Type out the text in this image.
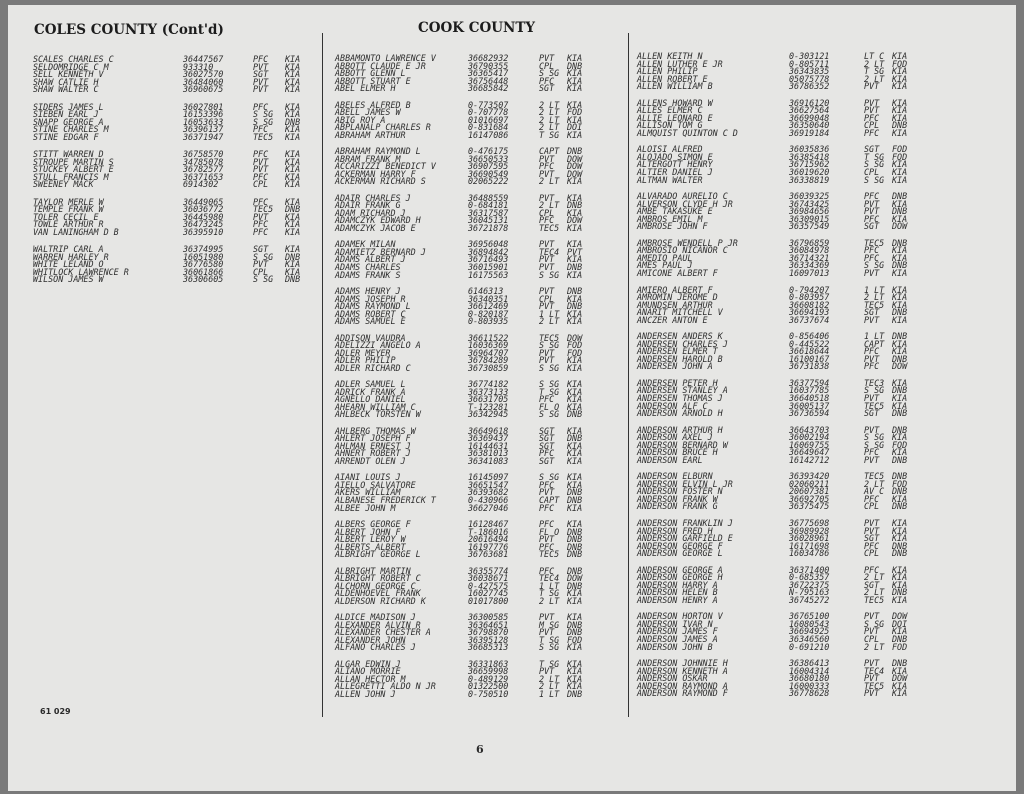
COLES COUNTY (Cont'd)	COOK COUNTY
SCALES CHARLES C	36447567	PFC KIA
SELDOMRIDGE C M	933310	PVT KIA
SELL KENNETH V	36027570	SGT KIA
SHAW CATLIE H	36484060	PVT KIA
SHAW WALTER C	36960675	PVT KIA
SIDERS JAMES L	36027801	PFC KIA
SIEBEN EARL J	16153396	S SG KIA
SNAPP GEORGE A	16053633	S SG DNB
STINE CHARLES M	36396137	PFC KIA
STINE EDGAR F	36371947	TEC5 KIA
STITT WARREN D	36758570	PFC KIA
STROUPE MARTIN S	34785078	PVT KIA
STUCKEY ALBERT E	36782577	PVT KIA
STULL FRANCIS M	36371653	PFC KIA
SWEENEY MACK	6914302	CPL KIA
TAYLOR MERLE W	36449065	PFC KIA
TEMPLE FRANK W	36036772	TEC5 DNB
TOLER CECIL E	36445980	PVT KIA
TOWLE ARTHUR R	36473245	PFC KIA
VAN LANINGHAM D B	36395910	PFC KIA
WALTRIP CARL A	36374995	SGT KIA
WARREN HARLEY R	16051980	S SG DNB
WHITE LELAND O	36776580	PVT KIA
WHITLOCK LAWRENCE R	36061866	CPL KIA
WILSON JAMES W	36306605	S SG DNB
ABBAMONTO LAWRENCE V	36682932	PVT KIA
ABBOTT CLAUDE E JR	36790355	CPL DNB
ABBOTT GLENN L	36365417	S SG KIA
ABBOTT STUART E	36756448	PFC KIA
ABEL ELMER H	36685842	SGT KIA
ABELES ALFRED B	0-773507	2 LT KIA
ABELL JAMES W	0-707778	2 LT FOD
ABIG ROY A	01016697	2 LT KIA
ABPLANALP CHARLES R	0-831684	2 LT DOI
ABRAHAM ARTHUR	16147086	T SG KIA
ABRAHAM RAYMOND L	0-476175	CAPT DNB
ABRAM FRANK M	36650533	PVT DOW
ACCARIZZI BENEDICT V	36907595	PFC DOW
ACKERMAN HARRY F	36690549	PVT DOW
ACKERMAN RICHARD S	02065222	2 LT KIA
ADAIR CHARLES J	36488559	PVT KIA
ADAIR FRANK G	0-684181	2 LT DNB
ADAM RICHARD J	36317587	CPL KIA
ADAMCZYK EDWARD H	36045131	PFC DOW
ADAMCZYK JACOB E	36721878	TEC5 KIA
ADAMEK MILAN	36956048	PVT KIA
ADAMIETZ BERNARD J	36894842	TEC4 PVT
ADAMS ALBERT J	36716493	PVT KIA
ADAMS CHARLES	36015901	PVT DNB
ADAMS FRANK S	16175563	S SG KIA
ADAMS HENRY J	6146313	PVT DNB
ADAMS JOSEPH R	36340351	CPL KIA
ADAMS RAYMOND L	36612469	PVT DNB
ADAMS ROBERT C	0-820187	1 LT KIA
ADAMS SAMUEL E	0-803935	2 LT KIA
ADDISON VAUDRA	36611522	TEC5 DOW
ADELIZZI ANGELO A	16036369	S SG FOD
ADLER MEYER	36964707	PVT FOD
ADLER PHILIP	36784289	PVT KIA
ADLER RICHARD C	36730859	S SG KIA
ADLER SAMUEL L	36774182	S SG KIA
ADRICK FRANK A	36373133	T SG KIA
AGNELLO DANIEL	36631705	PFC KIA
AHEARN WILLIAM C	T-123281	FL O KIA
AHLBECK TORSTEN W	36342945	S SG DNB
AHLBERG THOMAS W	36649618	SGT KIA
AHLERT JOSEPH F	36369437	SGT DNB
AHLMAN ERNEST J	16144631	SGT KIA
AHNERT ROBERT J	36381013	PFC KIA
ARRENDT OLEN J	36341083	SGT KIA
AIANI LOUIS J	16145097	S SG KIA
AIELLO SALVATORE	36651547	PFC KIA
AKERS WILLIAM	36393682	PVT DNB
ALBANESE FREDERICK T	0-430966	CAPT DNB
ALBEE JOHN M	36627046	PFC KIA
ALBERS GEORGE F	16128467	PFC KIA
ALBERT JOHN F	T-186016	FL O DNB
ALBERT LEROY W	20616494	PVT DNB
ALBERTS ALBERT	16197776	PFC DNB
ALBRIGHT GEORGE L	36763681	TEC5 DNB
ALBRIGHT MARTIN	36355774	PFC DNB
ALBRIGHT ROBERT C	36038671	TEC4 DOW
ALCHORN GEORGE C	0-427575	1 LT DNB
ALDENHOEVEL FRANK	16027745	T SG KIA
ALDERSON RICHARD K	01017800	2 LT KIA
ALDICE MADISON J	36300585	PVT KIA
ALEXANDER ALVIN R	36364651	M SG DNB
ALEXANDER CHESTER A	36798870	PVT DNB
ALEXANDER JOHN	36395128	T SG FOD
ALFANO CHARLES J	36685313	S SG KIA
ALGAR EDWIN J	36331863	T SG KIA
ALIANO MORRIE	36659998	PVT KIA
ALLAN HECTOR M	0-489129	2 LT KIA
ALLEGRETTI ALDO N JR	01322500	2 LT KIA
ALLEN JOHN J	0-750510	1 LT DNB
ALLEN KEITH N	0-303121	LT C KIA
ALLEN LUTHER E JR	0-805711	2 LT FOD
ALLEN PHILIP	36343835	T SG KIA
ALLEN ROBERT E	05075778	2 LT KIA
ALLEN WILLIAM B	36786352	PVT KIA
ALLENS HOWARD W	36916120	PVT KIA
ALLES ELMER C	36627564	PVT KIA
ALLIE LEONARD E	36699048	PFC KIA
ALLISON TOM G	36350640	CPL DNB
ALMQUIST QUINTON C D	36919184	PFC KIA
ALOISI ALFRED	36035836	SGT FOD
ALOJADO SIMON E	36385418	T SG FOD
ALTERGOTT HENRY	36715962	S SG KIA
ALTIER DANIEL J	36019620	CPL KIA
ALTMAN WALTER	36338819	S SG KIA
ALVARADO AURELIO C	36039325	PFC DNB
ALVERSON CLYDE H JR	36743425	PVT KIA
AMBE TAKASUKE E	36984656	PVT DNB
AMBROS EMIL M	36309015	PFC KIA
AMBROSE JOHN F	36357549	SGT DOW
AMBROSE WENDELL P JR	36796859	TEC5 DNB
AMBROSIO NICANOR C	36084978	PFC KIA
AMEDIO PAUL	36714321	PFC KIA
AMES PAUL J	36334369	S SG DNB
AMICONE ALBERT F	16097013	PVT KIA
AMIERO ALBERT F	0-794207	1 LT KIA
AMROMIN JEROME D	0-803957	2 LT KIA
AMUNDSEN ARTHUR	36608182	TEC5 KIA
ANARIT MITCHELL V	36694193	SGT DNB
ANCZER ANTON E	36737674	PVT KIA
ANDERSEN ANDERS K	0-856406	1 LT DNB
ANDERSEN CHARLES J	0-445522	CAPT KIA
ANDERSEN ELMER T	36618644	PFC KIA
ANDERSEN HAROLD B	16100167	PVT DNB
ANDERSEN JOHN A	36731838	PFC DOW
ANDERSEN PETER H	36377594	TEC3 KIA
ANDERSEN STANLEY A	16037785	S SG DNB
ANDERSEN THOMAS J	36640518	PVT KIA
ANDERSON ALF C	36005137	TEC5 KIA
ANDERSON ARNOLD H	36736594	SGT DNB
ANDERSON ARTHUR H	36643703	PVT DNB
ANDERSON AXEL J	36002194	S SG KIA
ANDERSON BERNARD W	16069755	S SG FOD
ANDERSON BRUCE H	36649647	PFC KIA
ANDERSON EARL	16142712	PVT DNB
ANDERSON ELBURN	36393420	TEC5 DNB
ANDERSON ELVIN L JR	02060211	2 LT FOD
ANDERSON FOSTER N	20607381	AV C DNB
ANDERSON FRANK W	36692705	PFC KIA
ANDERSON FRANK G	36375475	CPL DNB
ANDERSON FRANKLIN J	36775698	PVT KIA
ANDERSON FRED H	36989928	PVT KIA
ANDERSON GARFIELD E	36028961	SGT KIA
ANDERSON GEORGE F	16171698	PFC DNB
ANDERSON GEORGE L	16034786	CPL DNB
ANDERSON GEORGE A	36371400	PFC KIA
ANDERSON GEORGE H	0-685357	2 LT KIA
ANDERSON HARRY A	36722375	SGT KIA
ANDERSON HELEN B	N-795163	2 LT DNB
ANDERSON HENRY A	36745272	TEC5 KIA
ANDERSON HORTON V	36765100	PVT DOW
ANDERSON IVAR N	16080543	S SG DOI
ANDERSON JAMES F	36694925	PVT KIA
ANDERSON JAMES A	36346560	CPL DNB
ANDERSON JOHN B	0-691210	2 LT FOD
ANDERSON JOHNNIE H	36386413	PVT DNB
ANDERSON KENNETH A	16004314	TEC4 KIA
ANDERSON OSKAR	36680180	PVT DOW
ANDERSON RAYMOND A	16000333	TEC5 KIA
ANDERSON RAYMOND F	36778628	PVT KIA
61 029
6
